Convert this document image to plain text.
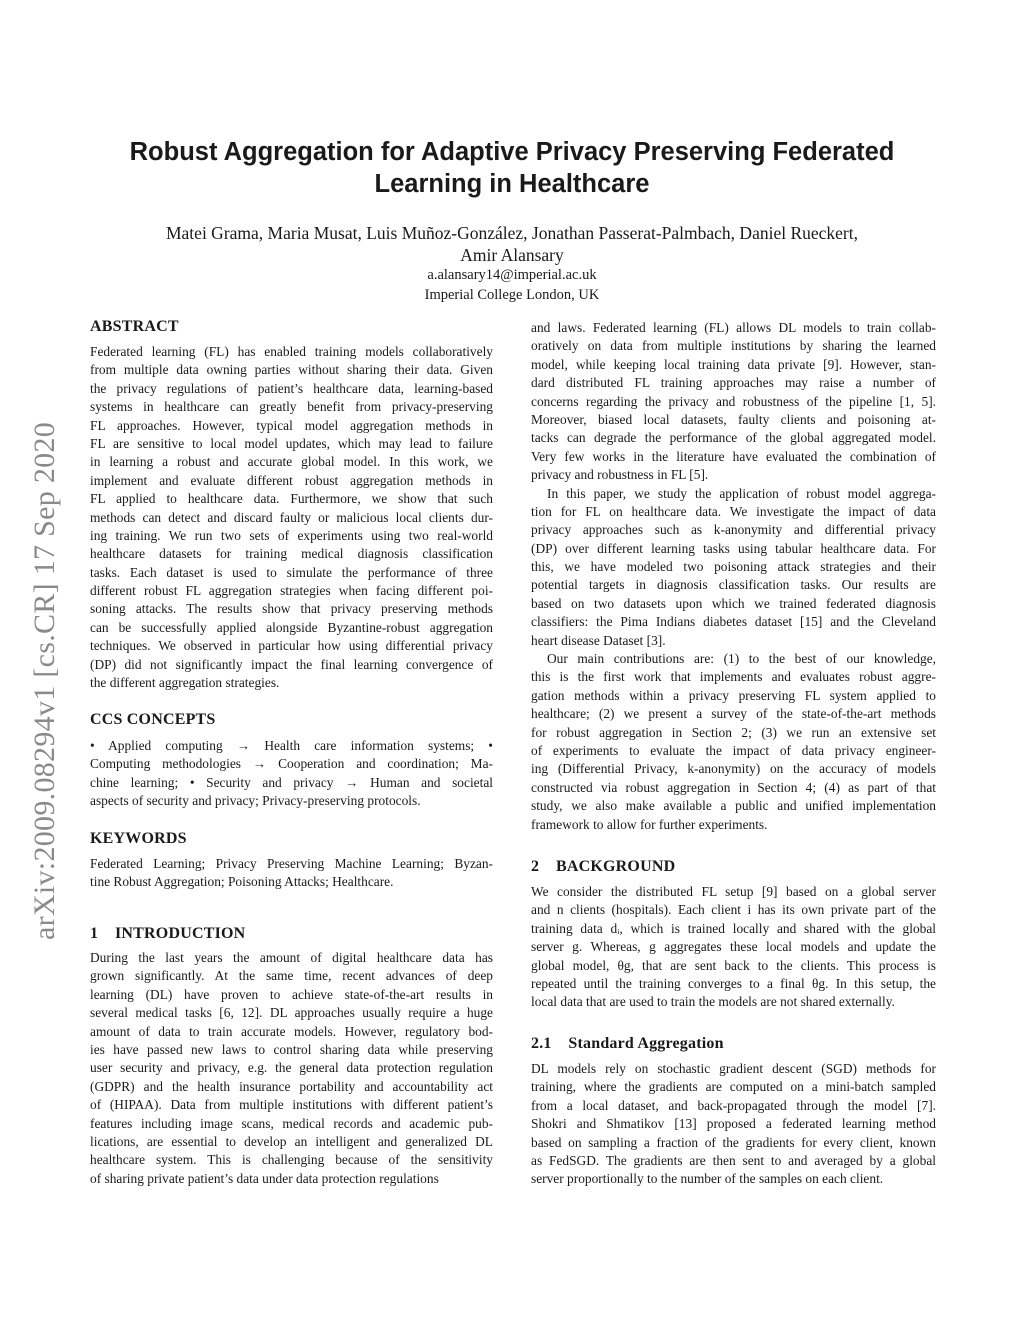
Robust Aggregation for Adaptive Privacy Preserving Federated
Learning in Healthcare
Matei Grama, Maria Musat, Luis Muñoz-González, Jonathan Passerat-Palmbach, Daniel Rueckert,
Amir Alansary
a.alansary14@imperial.ac.uk
Imperial College London, UK
arXiv:2009.08294v1 [cs.CR] 17 Sep 2020
ABSTRACT
Federated learning (FL) has enabled training models collaboratively
from multiple data owning parties without sharing their data. Given
the privacy regulations of patient’s healthcare data, learning-based
systems in healthcare can greatly benefit from privacy-preserving
FL approaches. However, typical model aggregation methods in
FL are sensitive to local model updates, which may lead to failure
in learning a robust and accurate global model. In this work, we
implement and evaluate different robust aggregation methods in
FL applied to healthcare data. Furthermore, we show that such
methods can detect and discard faulty or malicious local clients dur-
ing training. We run two sets of experiments using two real-world
healthcare datasets for training medical diagnosis classification
tasks. Each dataset is used to simulate the performance of three
different robust FL aggregation strategies when facing different poi-
soning attacks. The results show that privacy preserving methods
can be successfully applied alongside Byzantine-robust aggregation
techniques. We observed in particular how using differential privacy
(DP) did not significantly impact the final learning convergence of
the different aggregation strategies.
CCS CONCEPTS
• Applied computing → Health care information systems; •
Computing methodologies → Cooperation and coordination; Ma-
chine learning; • Security and privacy → Human and societal
aspects of security and privacy; Privacy-preserving protocols.
KEYWORDS
Federated Learning; Privacy Preserving Machine Learning; Byzan-
tine Robust Aggregation; Poisoning Attacks; Healthcare.
1    INTRODUCTION
During the last years the amount of digital healthcare data has
grown significantly. At the same time, recent advances of deep
learning (DL) have proven to achieve state-of-the-art results in
several medical tasks [6, 12]. DL approaches usually require a huge
amount of data to train accurate models. However, regulatory bod-
ies have passed new laws to control sharing data while preserving
user security and privacy, e.g. the general data protection regulation
(GDPR) and the health insurance portability and accountability act
of (HIPAA). Data from multiple institutions with different patient’s
features including image scans, medical records and academic pub-
lications, are essential to develop an intelligent and generalized DL
healthcare system. This is challenging because of the sensitivity
of sharing private patient’s data under data protection regulations
and laws. Federated learning (FL) allows DL models to train collab-
oratively on data from multiple institutions by sharing the learned
model, while keeping local training data private [9]. However, stan-
dard distributed FL training approaches may raise a number of
concerns regarding the privacy and robustness of the pipeline [1, 5].
Moreover, biased local datasets, faulty clients and poisoning at-
tacks can degrade the performance of the global aggregated model.
Very few works in the literature have evaluated the combination of
privacy and robustness in FL [5].
In this paper, we study the application of robust model aggrega-
tion for FL on healthcare data. We investigate the impact of data
privacy approaches such as k-anonymity and differential privacy
(DP) over different learning tasks using tabular healthcare data. For
this, we have modeled two poisoning attack strategies and their
potential targets in diagnosis classification tasks. Our results are
based on two datasets upon which we trained federated diagnosis
classifiers: the Pima Indians diabetes dataset [15] and the Cleveland
heart disease Dataset [3].
Our main contributions are: (1) to the best of our knowledge,
this is the first work that implements and evaluates robust aggre-
gation methods within a privacy preserving FL system applied to
healthcare; (2) we present a survey of the state-of-the-art methods
for robust aggregation in Section 2; (3) we run an extensive set
of experiments to evaluate the impact of data privacy engineer-
ing (Differential Privacy, k-anonymity) on the accuracy of models
constructed via robust aggregation in Section 4; (4) as part of that
study, we also make available a public and unified implementation
framework to allow for further experiments.
2    BACKGROUND
We consider the distributed FL setup [9] based on a global server
and n clients (hospitals). Each client i has its own private part of the
training data dᵢ, which is trained locally and shared with the global
server g. Whereas, g aggregates these local models and update the
global model, θg, that are sent back to the clients. This process is
repeated until the training converges to a final θg. In this setup, the
local data that are used to train the models are not shared externally.
2.1    Standard Aggregation
DL models rely on stochastic gradient descent (SGD) methods for
training, where the gradients are computed on a mini-batch sampled
from a local dataset, and back-propagated through the model [7].
Shokri and Shmatikov [13] proposed a federated learning method
based on sampling a fraction of the gradients for every client, known
as FedSGD. The gradients are then sent to and averaged by a global
server proportionally to the number of the samples on each client.
